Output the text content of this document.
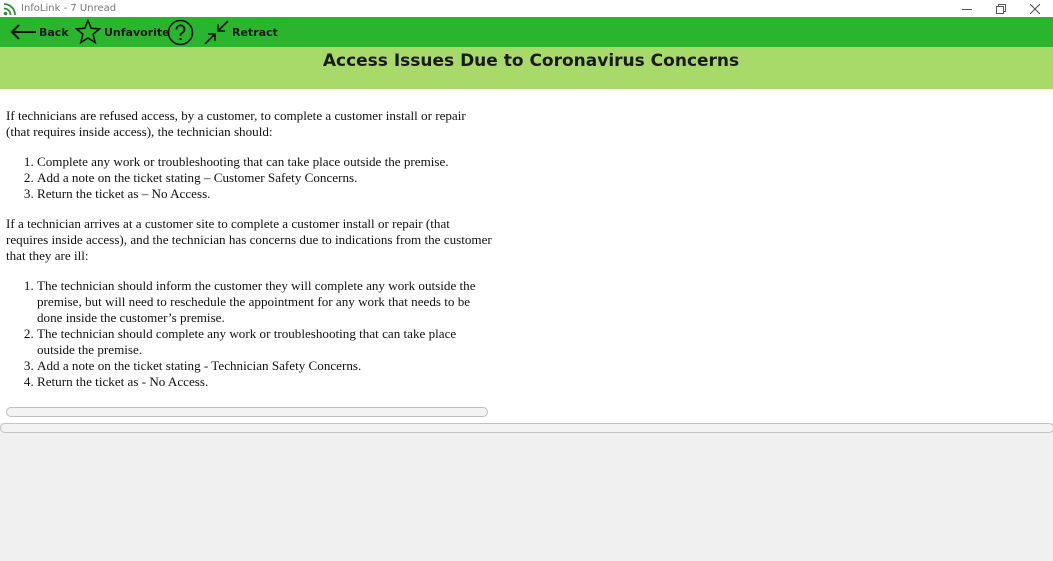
InfoLink - 7 Unread
Back	Unfavorite	Retract
Access Issues Due to Coronavirus Concerns

If technicians are refused access, by a customer, to complete a customer install or repair (that requires inside access), the technician should:

1. Complete any work or troubleshooting that can take place outside the premise.
2. Add a note on the ticket stating – Customer Safety Concerns.
3. Return the ticket as – No Access.

If a technician arrives at a customer site to complete a customer install or repair (that requires inside access), and the technician has concerns due to indications from the customer that they are ill:

1. The technician should inform the customer they will complete any work outside the premise, but will need to reschedule the appointment for any work that needs to be done inside the customer’s premise.
2. The technician should complete any work or troubleshooting that can take place outside the premise.
3. Add a note on the ticket stating - Technician Safety Concerns.
4. Return the ticket as - No Access.
